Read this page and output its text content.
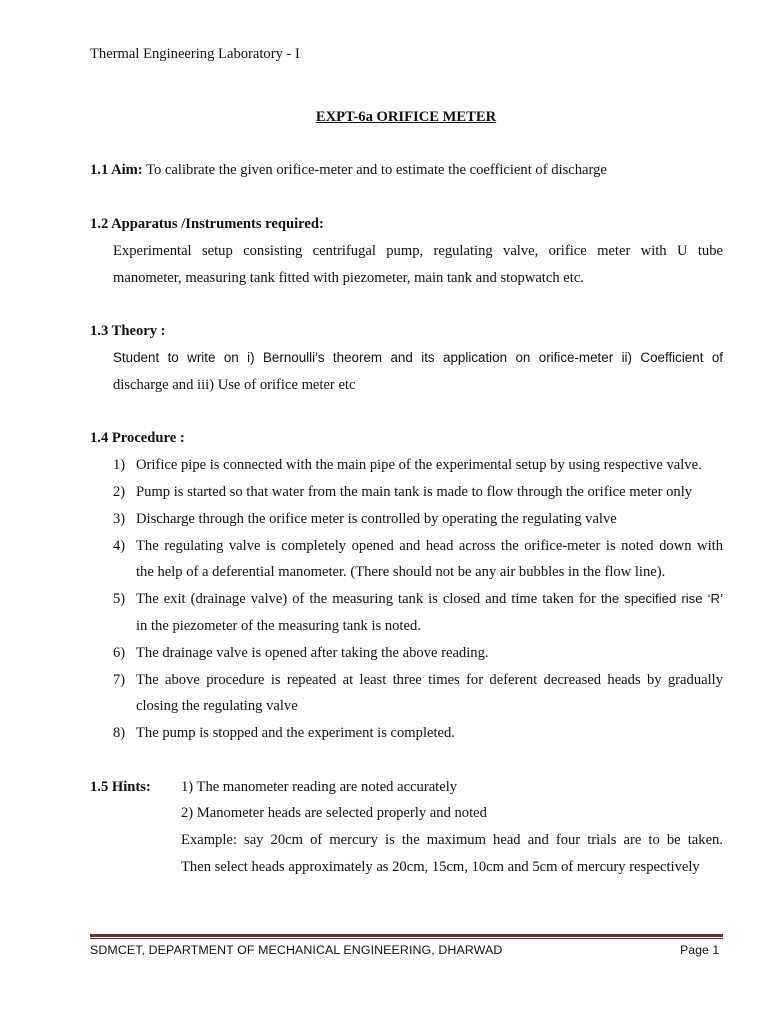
Thermal Engineering Laboratory - I
EXPT-6a ORIFICE METER
1.1 Aim: To calibrate the given orifice-meter and to estimate the coefficient of discharge
1.2 Apparatus /Instruments required:
Experimental setup consisting centrifugal pump, regulating valve, orifice meter with U tube
manometer, measuring tank fitted with piezometer, main tank and stopwatch etc.
1.3 Theory :
Student to write on i) Bernoulli’s theorem and its application on orifice-meter ii) Coefficient of
discharge and iii) Use of orifice meter etc
1.4 Procedure :
1) Orifice pipe is connected with the main pipe of the experimental setup by using respective valve.
2) Pump is started so that water from the main tank is made to flow through the orifice meter only
3) Discharge through the orifice meter is controlled by operating the regulating valve
4) The regulating valve is completely opened and head across the orifice-meter is noted down with
the help of a deferential manometer. (There should not be any air bubbles in the flow line).
5) The exit (drainage valve) of the measuring tank is closed and time taken for the specified rise ‘R’
in the piezometer of the measuring tank is noted.
6) The drainage valve is opened after taking the above reading.
7) The above procedure is repeated at least three times for deferent decreased heads by gradually
closing the regulating valve
8) The pump is stopped and the experiment is completed.
1.5 Hints: 1) The manometer reading are noted accurately
2) Manometer heads are selected properly and noted
Example: say 20cm of mercury is the maximum head and four trials are to be taken.
Then select heads approximately as 20cm, 15cm, 10cm and 5cm of mercury respectively
SDMCET, DEPARTMENT OF MECHANICAL ENGINEERING, DHARWAD	Page 1
